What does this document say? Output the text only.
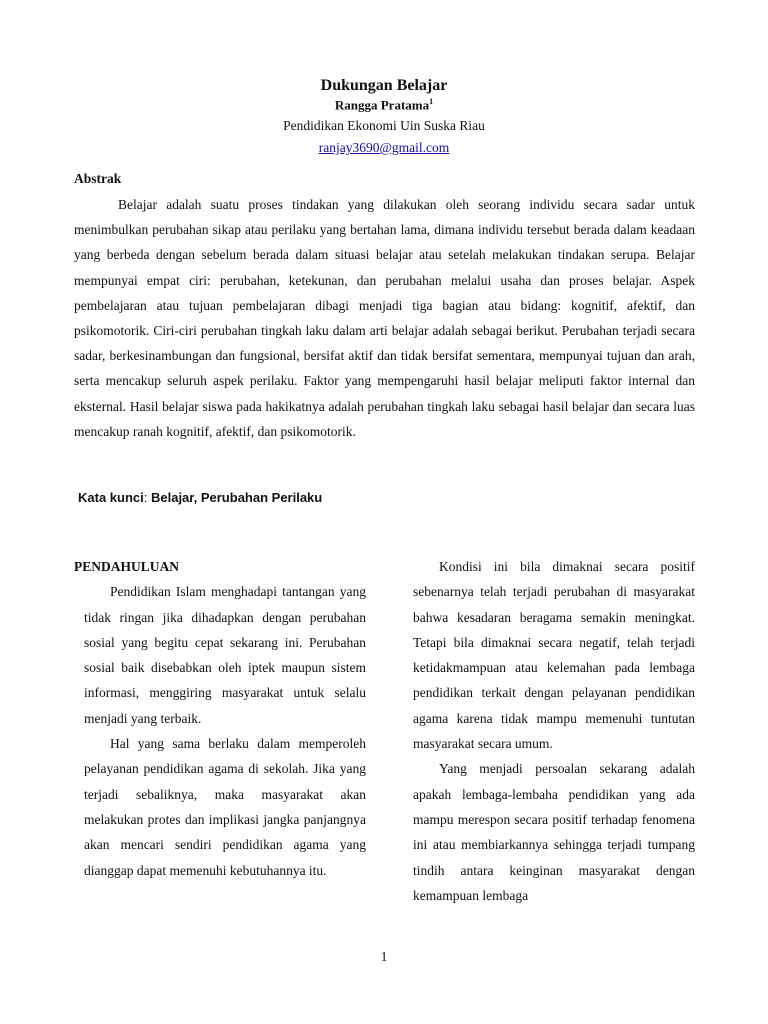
Dukungan Belajar
Rangga Pratama$^1$
Pendidikan Ekonomi Uin Suska Riau
ranjay3690@gmail.com
Abstrak

Belajar adalah suatu proses tindakan yang dilakukan oleh seorang individu secara sadar untuk menimbulkan perubahan sikap atau perilaku yang bertahan lama, dimana individu tersebut berada dalam keadaan yang berbeda dengan sebelum berada dalam situasi belajar atau setelah melakukan tindakan serupa. Belajar mempunyai empat ciri: perubahan, ketekunan, dan perubahan melalui usaha dan proses belajar. Aspek pembelajaran atau tujuan pembelajaran dibagi menjadi tiga bagian atau bidang: kognitif, afektif, dan psikomotorik. Ciri-ciri perubahan tingkah laku dalam arti belajar adalah sebagai berikut. Perubahan terjadi secara sadar, berkesinambungan dan fungsional, bersifat aktif dan tidak bersifat sementara, mempunyai tujuan dan arah, serta mencakup seluruh aspek perilaku. Faktor yang mempengaruhi hasil belajar meliputi faktor internal dan eksternal. Hasil belajar siswa pada hakikatnya adalah perubahan tingkah laku sebagai hasil belajar dan secara luas mencakup ranah kognitif, afektif, dan psikomotorik.

Kata kunci: Belajar, Perubahan Perilaku

PENDAHULUAN

Pendidikan Islam menghadapi tantangan yang tidak ringan jika dihadapkan dengan perubahan sosial yang begitu cepat sekarang ini. Perubahan sosial baik disebabkan oleh iptek maupun sistem informasi, menggiring masyarakat untuk selalu menjadi yang terbaik.

Hal yang sama berlaku dalam memperoleh pelayanan pendidikan agama di sekolah. Jika yang terjadi sebaliknya, maka masyarakat akan melakukan protes dan implikasi jangka panjangnya akan mencari sendiri pendidikan agama yang dianggap dapat memenuhi kebutuhannya itu.

Kondisi ini bila dimaknai secara positif sebenarnya telah terjadi perubahan di masyarakat bahwa kesadaran beragama semakin meningkat. Tetapi bila dimaknai secara negatif, telah terjadi ketidakmampuan atau kelemahan pada lembaga pendidikan terkait dengan pelayanan pendidikan agama karena tidak mampu memenuhi tuntutan masyarakat secara umum.

Yang menjadi persoalan sekarang adalah apakah lembaga-lembaha pendidikan yang ada mampu merespon secara positif terhadap fenomena ini atau membiarkannya sehingga terjadi tumpang tindih antara keinginan masyarakat dengan kemampuan lembaga

1
